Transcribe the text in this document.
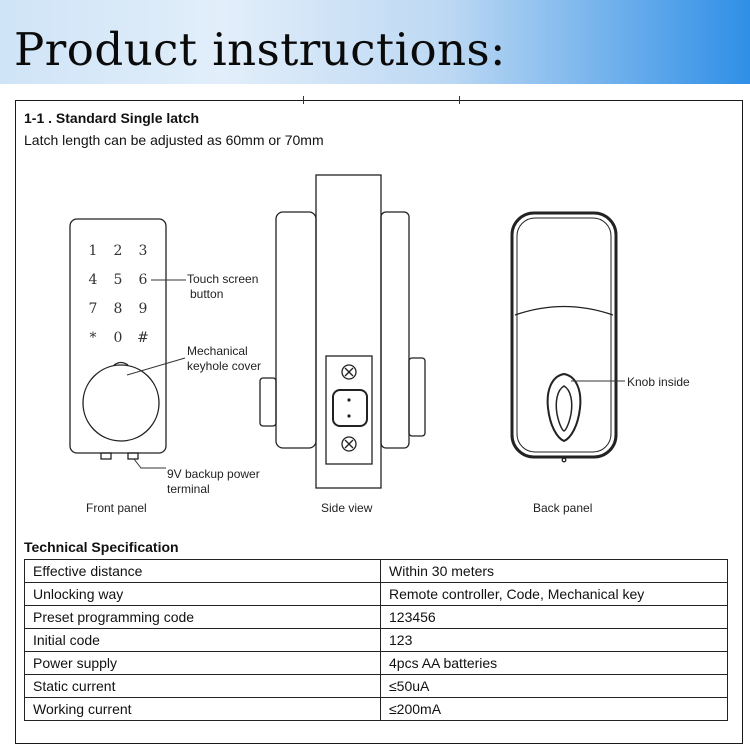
Product instructions:
1-1 . Standard Single latch
Latch length can be adjusted as 60mm or 70mm
1 2 3
4 5 6
7 8 9
* 0 #
Touch screen
button
Mechanical
keyhole cover
9V backup power
terminal
Front panel	Side view
Knob inside
Back panel
Technical Specification
Effective distance	Within 30 meters
Unlocking way	Remote controller, Code, Mechanical key
Preset programming code	123456
Initial code	123
Power supply	4pcs AA batteries
Static current	≤50uA
Working current	≤200mA
